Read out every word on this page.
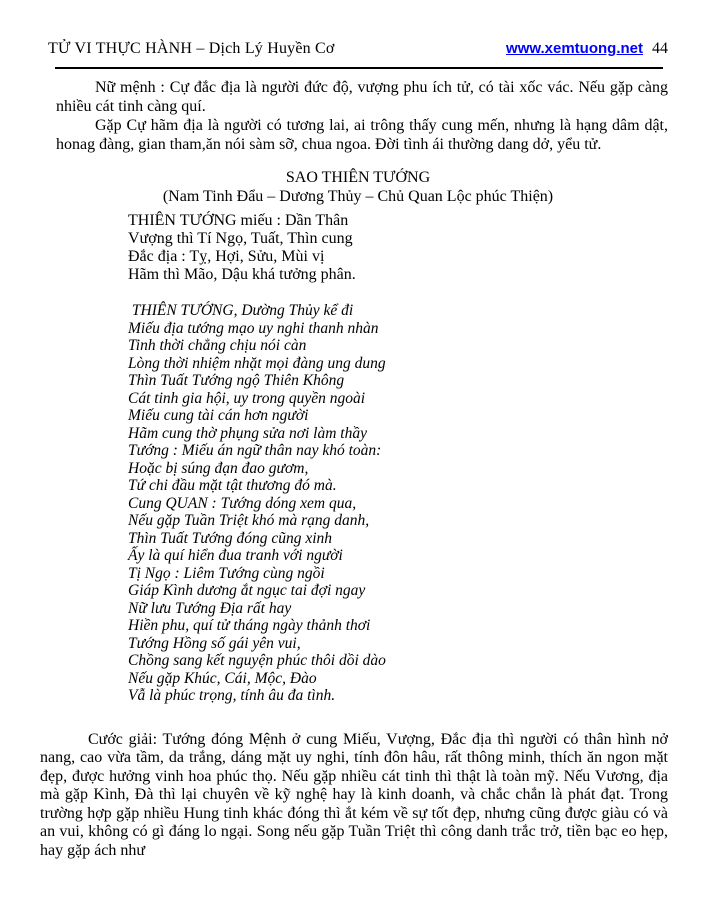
TỬ VI THỰC HÀNH – Dịch Lý Huyền Cơ	www.xemtuong.net 44

Nữ mệnh : Cự đắc địa là người đức độ, vượng phu ích tử, có tài xốc vác. Nếu gặp càng nhiều cát tinh càng quí.

Gặp Cự hãm địa là người có tương lai, ai trông thấy cung mến, nhưng là hạng dâm dật, honag đàng, gian tham,ăn nói sàm sỡ, chua ngoa. Đời tình ái thường dang dở, yểu tử.

SAO THIÊN TƯỚNG
(Nam Tinh Đẩu – Dương Thủy – Chủ Quan Lộc phúc Thiện)
THIÊN TƯỚNG miếu : Dần Thân
Vượng thì Tí Ngọ, Tuất, Thìn cung
Đắc địa : Tỵ, Hợi, Sửu, Mùi vị
Hãm thì Mão, Dậu khá tưởng phân.
THIÊN TƯỚNG, Dường Thủy kể đi
Miếu địa tướng mạo uy nghi thanh nhàn
Tinh thời chẳng chịu nói càn
Lòng thời nhiệm nhặt mọi đàng ung dung
Thìn Tuất Tướng ngộ Thiên Không
Cát tinh gia hội, uy trong quyền ngoài
Miếu cung tài cán hơn người
Hãm cung thờ phụng sửa nơi làm thầy
Tướng : Miếu án ngữ thân nay khó toàn:
Hoặc bị súng đạn đao gươm,
Tứ chi đầu mặt tật thương đó mà.
Cung QUAN : Tướng dóng xem qua,
Nếu gặp Tuần Triệt khó mà rạng danh,
Thìn Tuất Tướng đóng cũng xinh
Ấy là quí hiển đua tranh với người
Tị Ngọ : Liêm Tướng cùng ngồi
Giáp Kình dương ắt ngục tai đợi ngay
Nữ lưu Tướng Địa rất hay
Hiền phu, quí tử tháng ngày thảnh thơi
Tướng Hồng số gái yên vui,
Chồng sang kết nguyện phúc thôi dồi dào
Nếu gặp Khúc, Cái, Mộc, Đào
Vẫ là phúc trọng, tính âu đa tình.

Cước giải: Tướng đóng Mệnh ở cung Miếu, Vượng, Đắc địa thì người có thân hình nở nang, cao vừa tầm, da trắng, dáng mặt uy nghi, tính đôn hâu, rất thông minh, thích ăn ngon mặt đẹp, được hưởng vinh hoa phúc thọ. Nếu gặp nhiều cát tinh thì thật là toàn mỹ. Nếu Vương, địa mà gặp Kình, Đà thì lại chuyên về kỹ nghệ hay là kinh doanh, và chắc chắn là phát đạt. Trong trường hợp gặp nhiều Hung tinh khác đóng thì ắt kém về sự tốt đẹp, nhưng cũng được giàu có và an vui, không có gì đáng lo ngại. Song nếu gặp Tuần Triệt thì công danh trắc trở, tiền bạc eo hẹp, hay gặp ách như
